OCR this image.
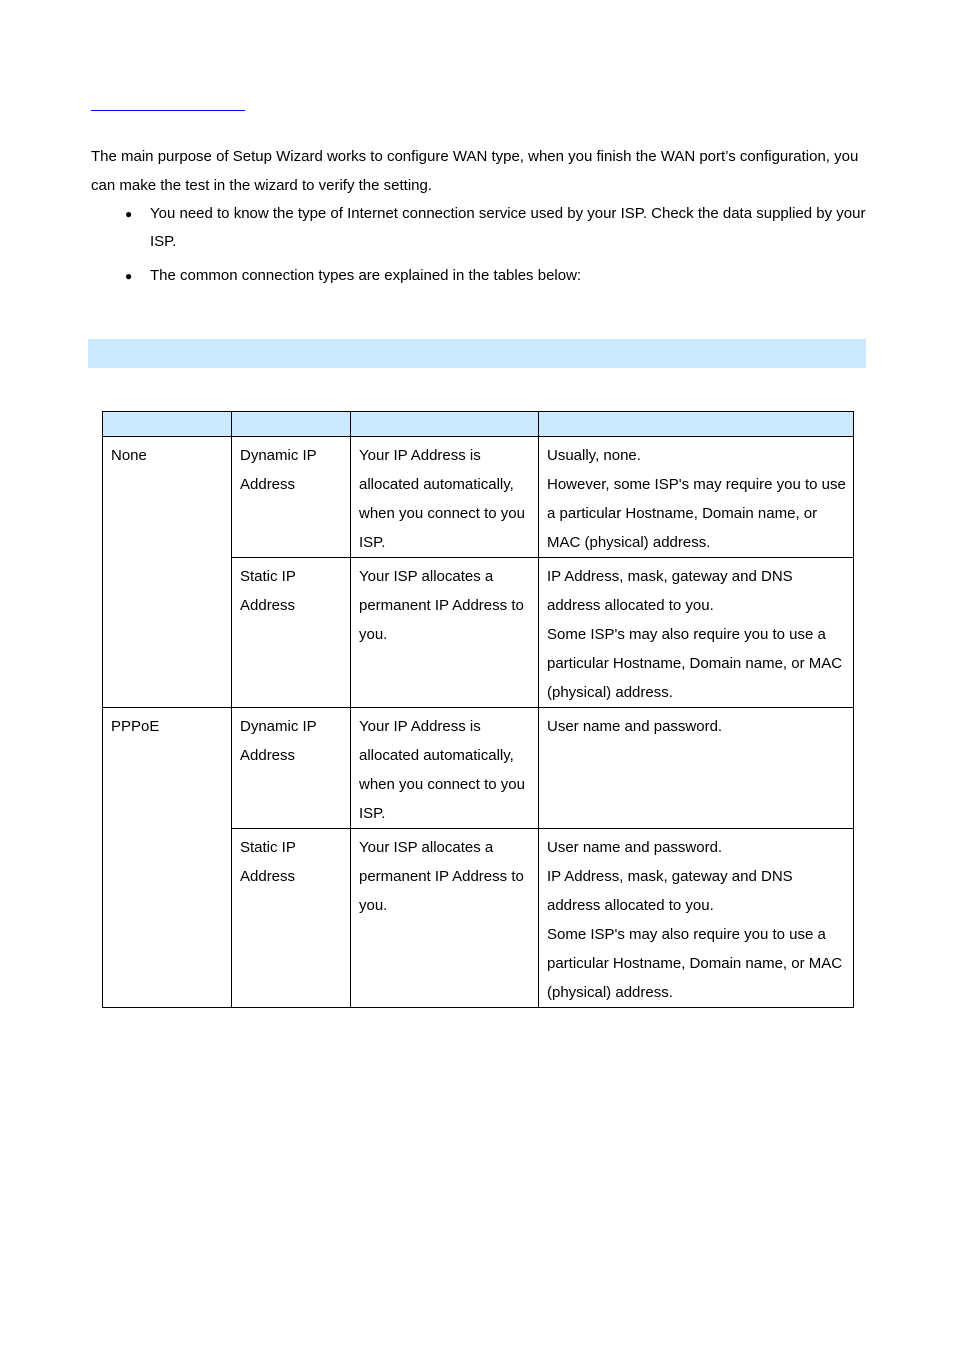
The main purpose of Setup Wizard works to configure WAN type, when you finish the WAN port’s configuration, you can make the test in the wizard to verify the setting.

● You need to know the type of Internet connection service used by your ISP. Check the data supplied by your ISP.
● The common connection types are explained in the tables below:

None	Dynamic IP Address	Your IP Address is allocated automatically, when you connect to you ISP.	Usually, none.
However, some ISP's may require you to use a particular Hostname, Domain name, or MAC (physical) address.

	Static IP Address	Your ISP allocates a permanent IP Address to you.	IP Address, mask, gateway and DNS address allocated to you.
Some ISP's may also require you to use a particular Hostname, Domain name, or MAC (physical) address.

PPPoE	Dynamic IP Address	Your IP Address is allocated automatically, when you connect to you ISP.	User name and password.

	Static IP Address	Your ISP allocates a permanent IP Address to you.	User name and password.
IP Address, mask, gateway and DNS address allocated to you.
Some ISP's may also require you to use a particular Hostname, Domain name, or MAC (physical) address.
